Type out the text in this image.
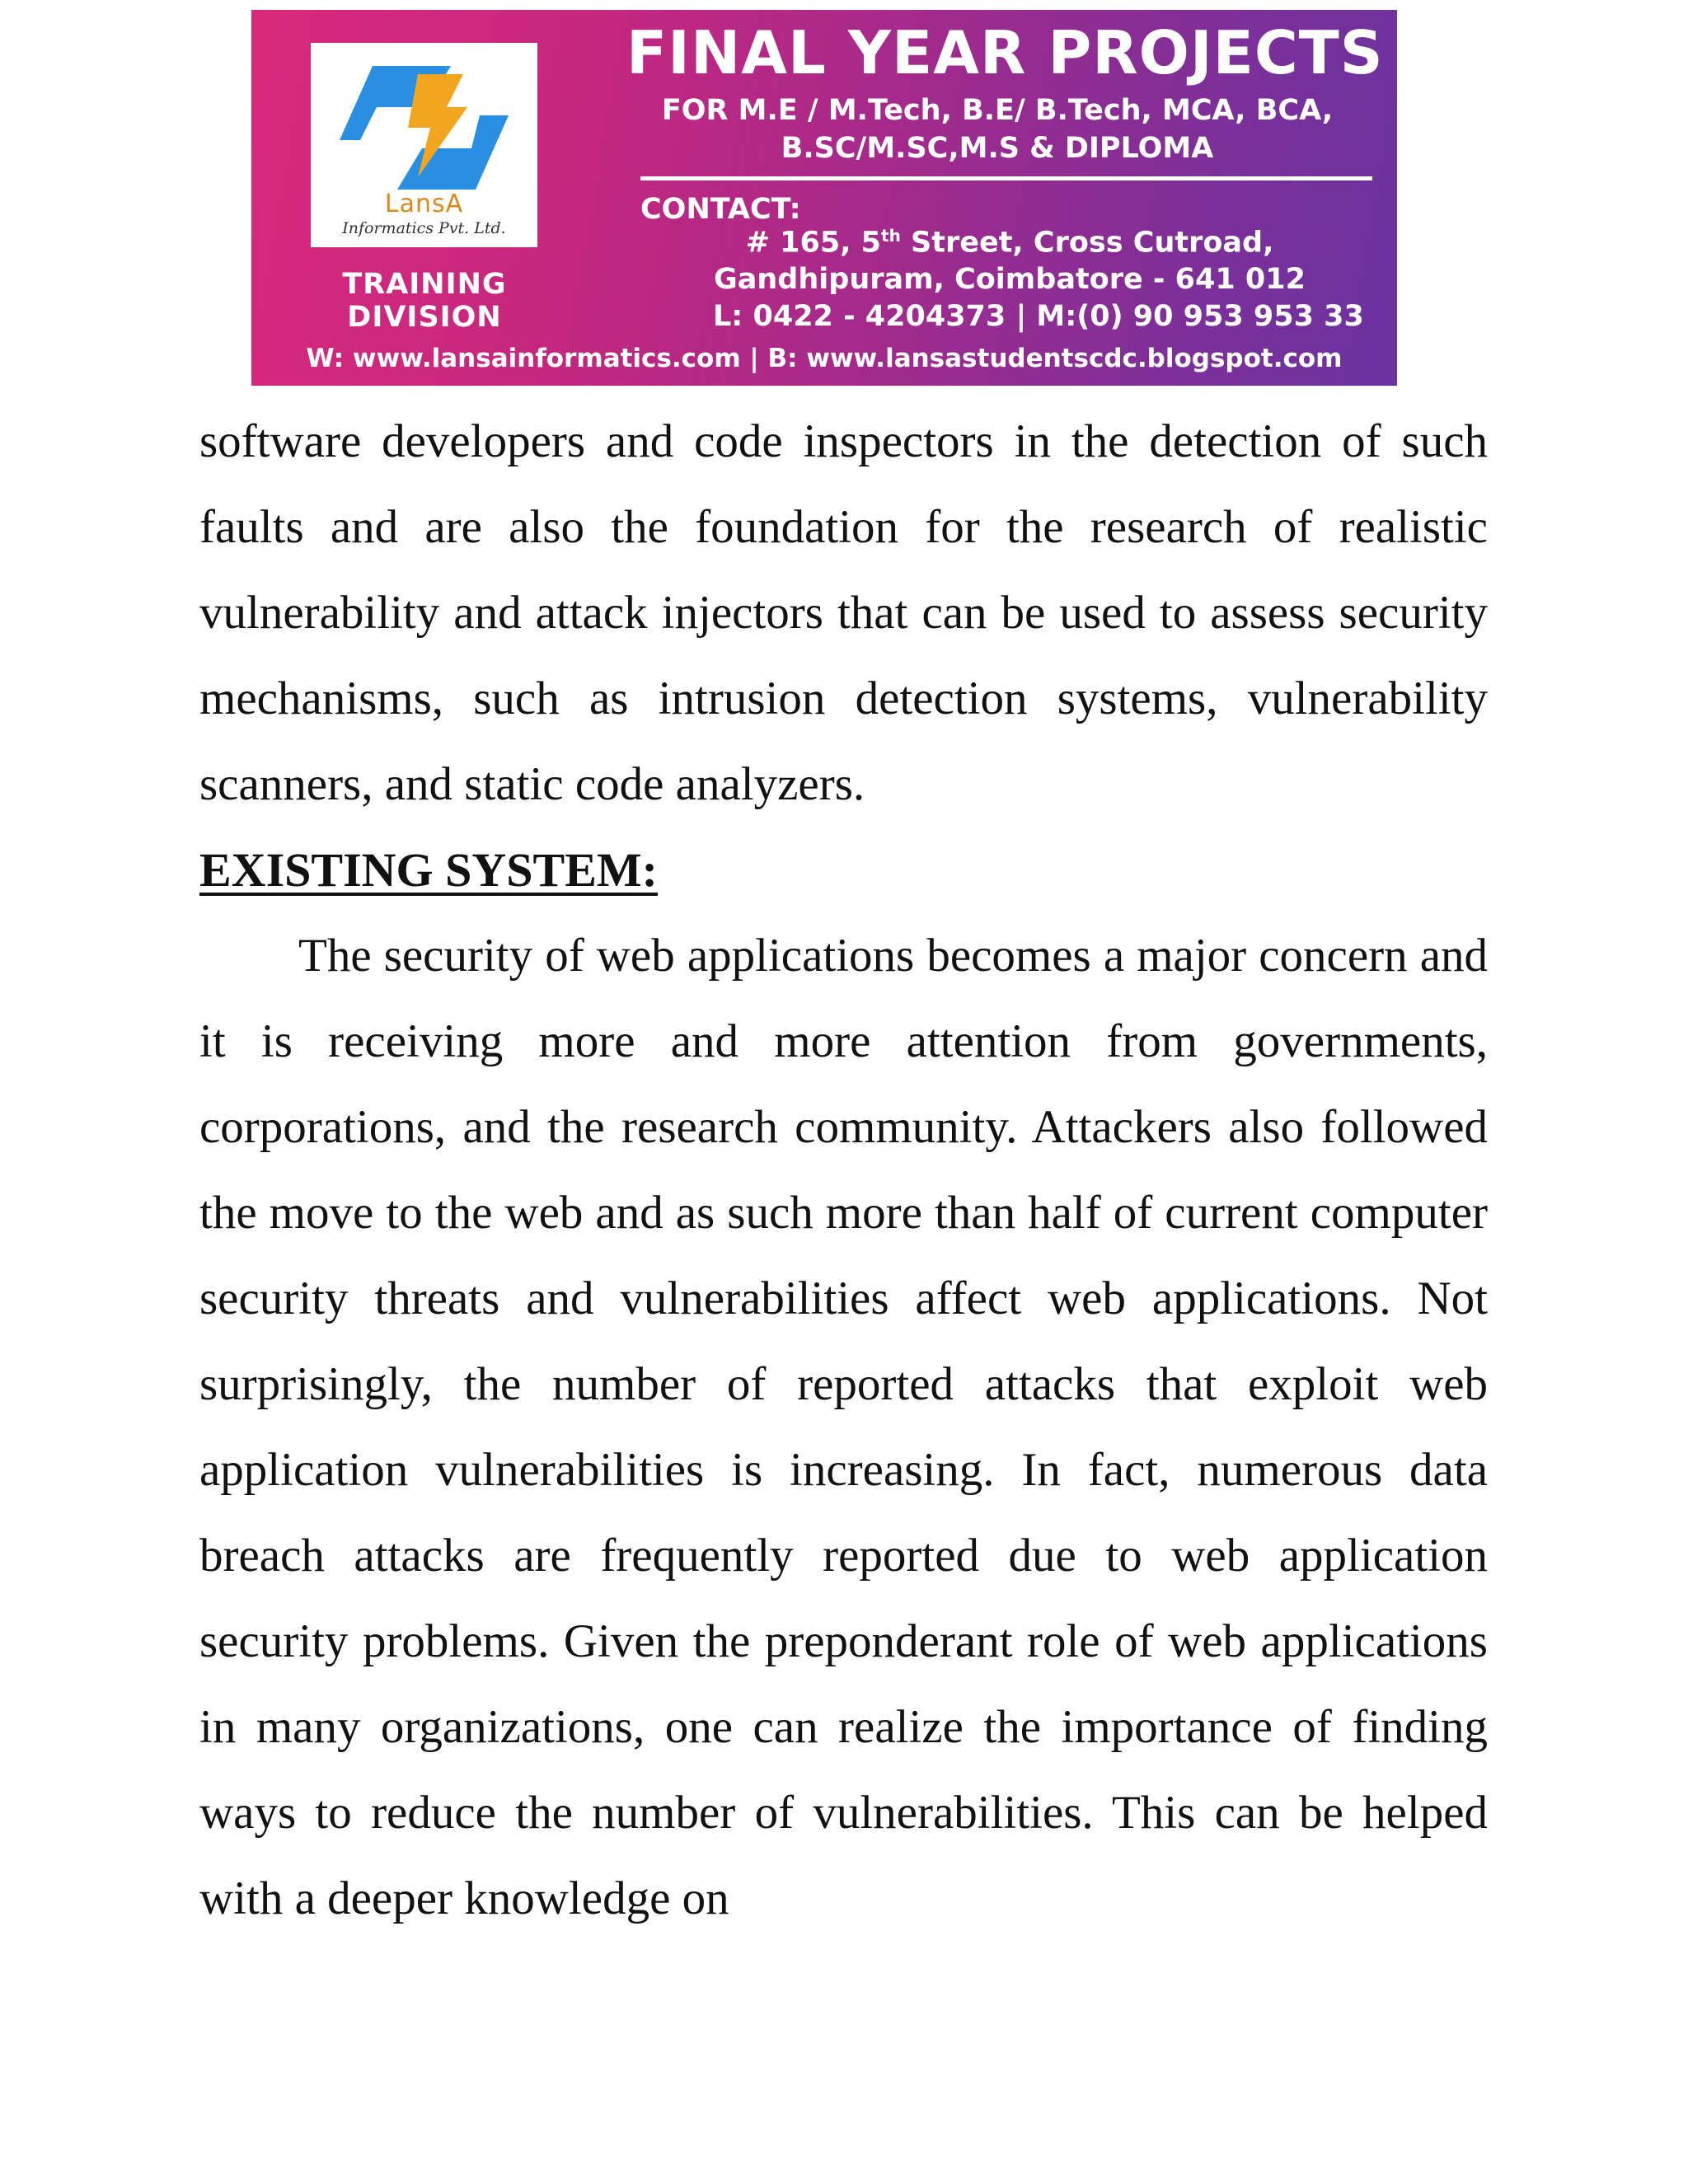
LansA
Informatics Pvt. Ltd.
TRAINING DIVISION
FINAL YEAR PROJECTS
FOR M.E / M.Tech, B.E/ B.Tech, MCA, BCA,
B.SC/M.SC,M.S & DIPLOMA
CONTACT:
# 165, 5th Street, Cross Cutroad,
Gandhipuram, Coimbatore - 641 012
L: 0422 - 4204373 | M:(0) 90 953 953 33
W: www.lansainformatics.com | B: www.lansastudentscdc.blogspot.com

software developers and code inspectors in the detection of such faults and are also the foundation for the research of realistic vulnerability and attack injectors that can be used to assess security mechanisms, such as intrusion detection systems, vulnerability scanners, and static code analyzers.

EXISTING SYSTEM:

The security of web applications becomes a major concern and it is receiving more and more attention from governments, corporations, and the research community. Attackers also followed the move to the web and as such more than half of current computer security threats and vulnerabilities affect web applications. Not surprisingly, the number of reported attacks that exploit web application vulnerabilities is increasing. In fact, numerous data breach attacks are frequently reported due to web application security problems. Given the preponderant role of web applications in many organizations, one can realize the importance of finding ways to reduce the number of vulnerabilities. This can be helped with a deeper knowledge on
